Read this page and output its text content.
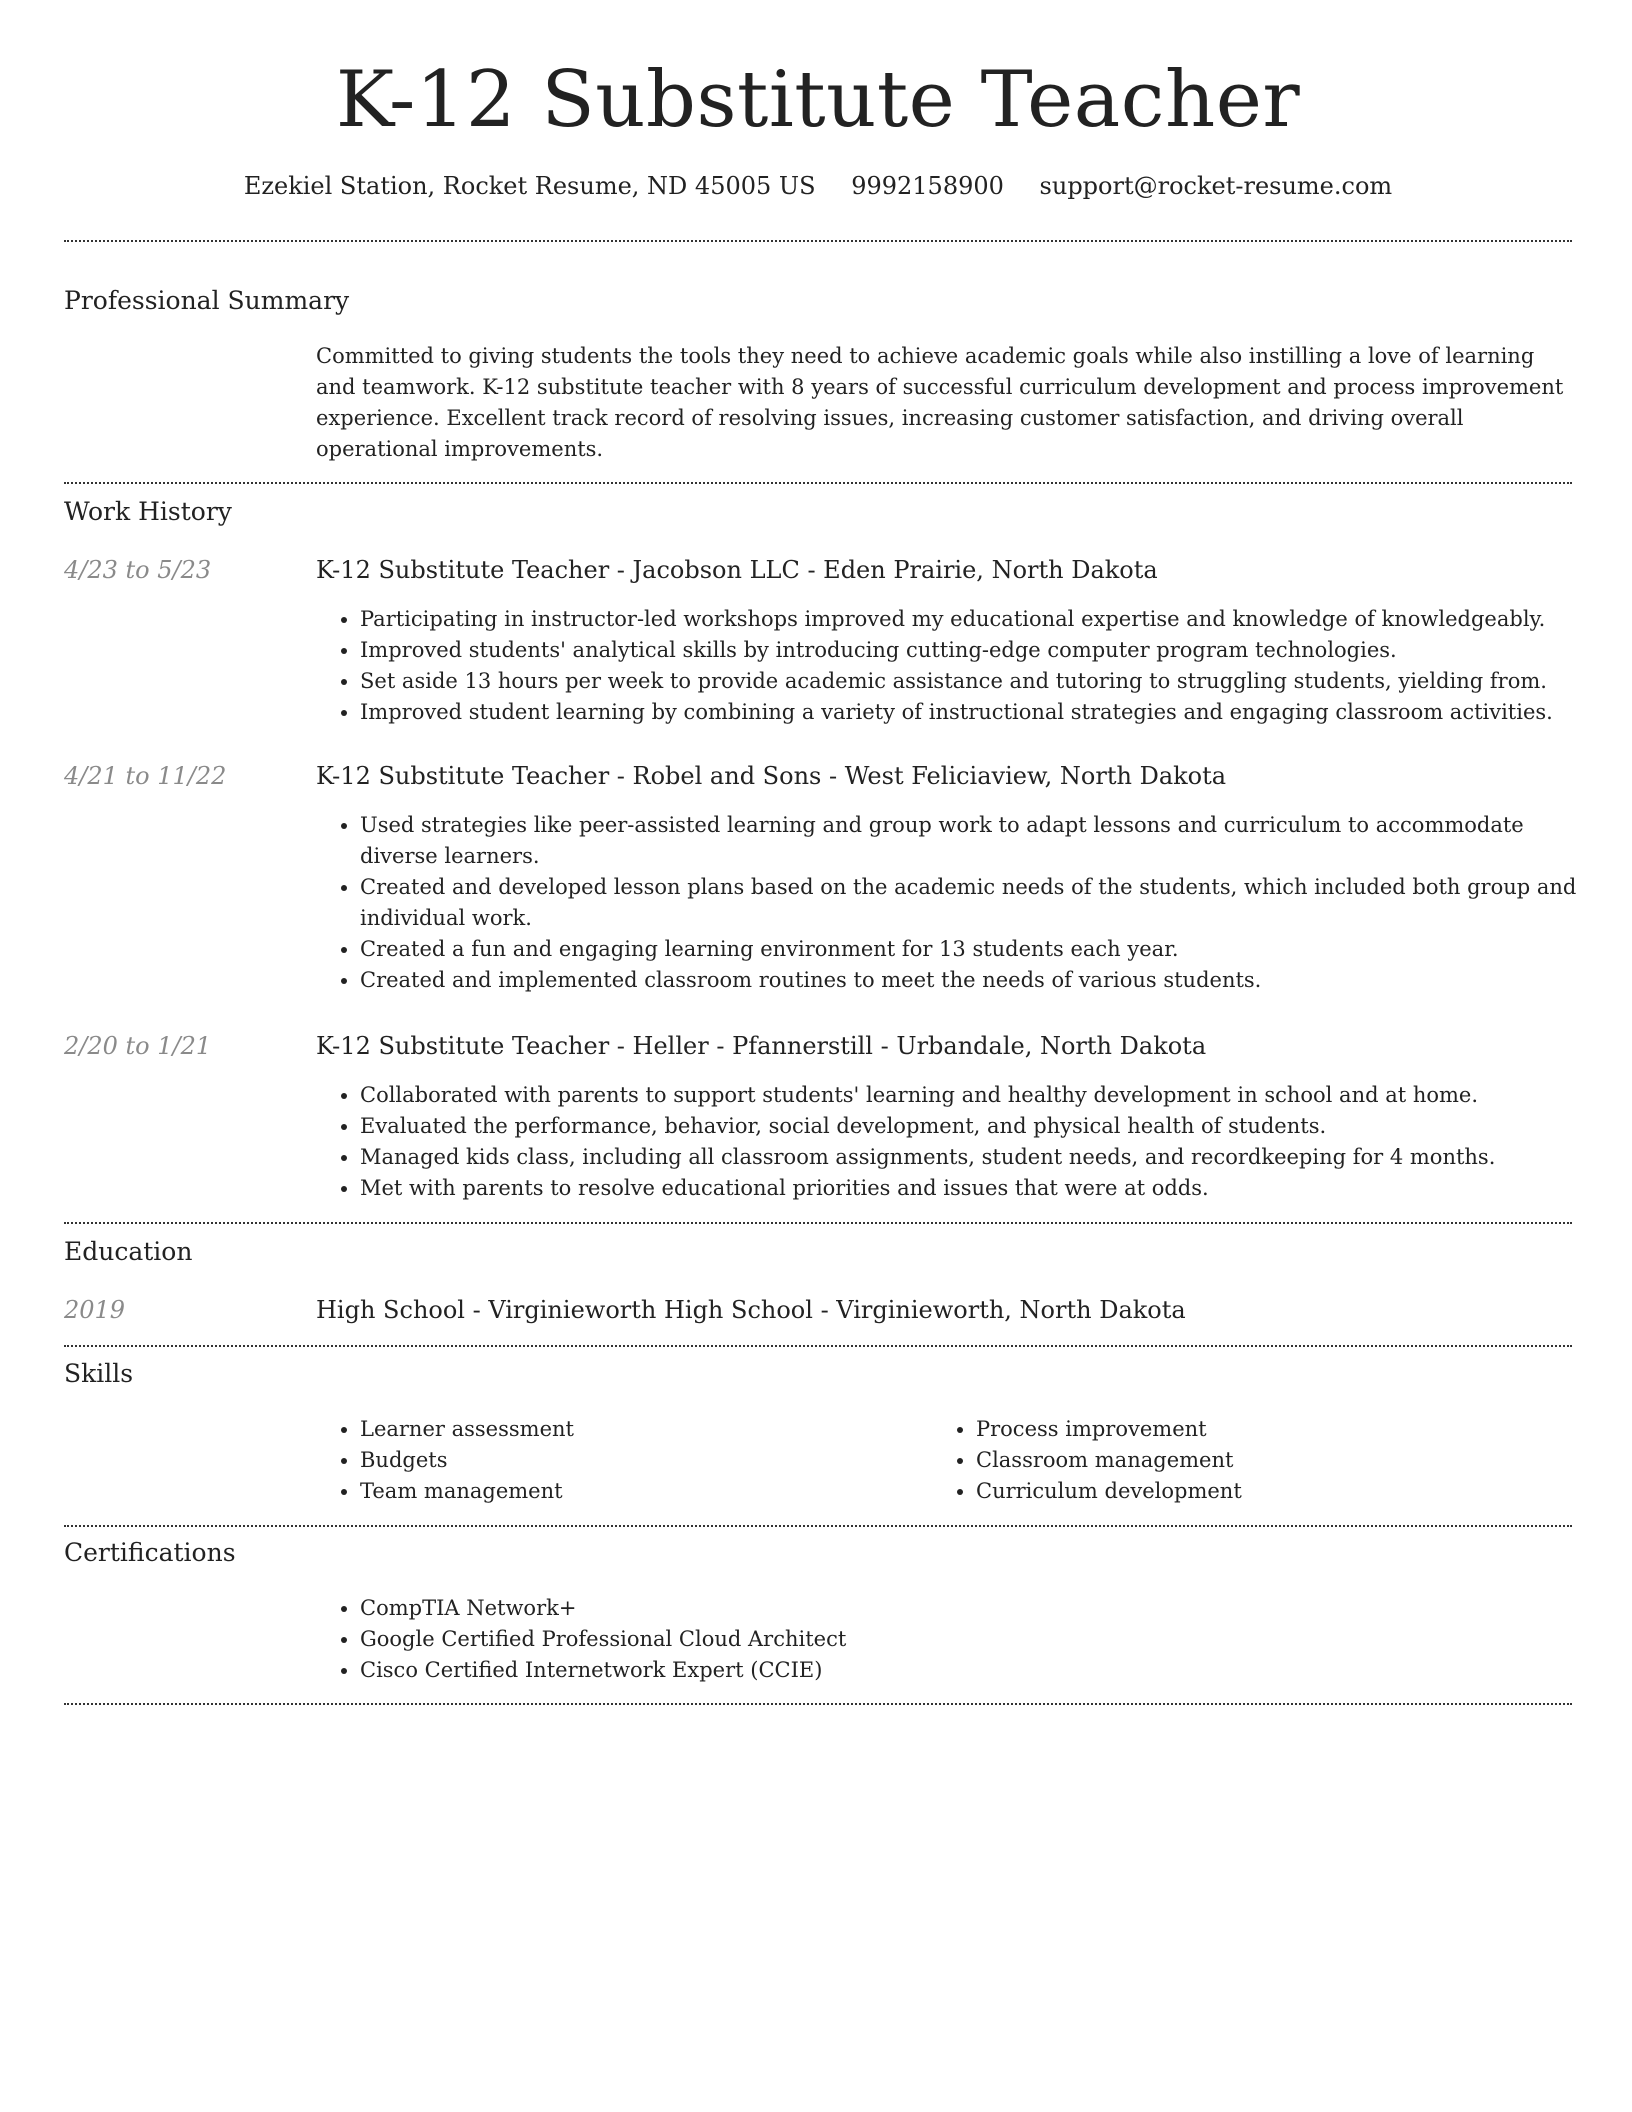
K-12 Substitute Teacher
Ezekiel Station, Rocket Resume, ND 45005 US 9992158900 support@rocket-resume.com
Professional Summary
Committed to giving students the tools they need to achieve academic goals while also instilling a love of learning and teamwork. K-12 substitute teacher with 8 years of successful curriculum development and process improvement experience. Excellent track record of resolving issues, increasing customer satisfaction, and driving overall operational improvements.
Work History
4/23 to 5/23	K-12 Substitute Teacher - Jacobson LLC - Eden Prairie, North Dakota
• Participating in instructor-led workshops improved my educational expertise and knowledge of knowledgeably.
• Improved students' analytical skills by introducing cutting-edge computer program technologies.
• Set aside 13 hours per week to provide academic assistance and tutoring to struggling students, yielding from.
• Improved student learning by combining a variety of instructional strategies and engaging classroom activities.
4/21 to 11/22	K-12 Substitute Teacher - Robel and Sons - West Feliciaview, North Dakota
• Used strategies like peer-assisted learning and group work to adapt lessons and curriculum to accommodate diverse learners.
• Created and developed lesson plans based on the academic needs of the students, which included both group and individual work.
• Created a fun and engaging learning environment for 13 students each year.
• Created and implemented classroom routines to meet the needs of various students.
2/20 to 1/21	K-12 Substitute Teacher - Heller - Pfannerstill - Urbandale, North Dakota
• Collaborated with parents to support students' learning and healthy development in school and at home.
• Evaluated the performance, behavior, social development, and physical health of students.
• Managed kids class, including all classroom assignments, student needs, and recordkeeping for 4 months.
• Met with parents to resolve educational priorities and issues that were at odds.
Education
2019	High School - Virginieworth High School - Virginieworth, North Dakota
Skills
• Learner assessment
• Budgets
• Team management
• Process improvement
• Classroom management
• Curriculum development
Certifications
• CompTIA Network+
• Google Certified Professional Cloud Architect
• Cisco Certified Internetwork Expert (CCIE)
